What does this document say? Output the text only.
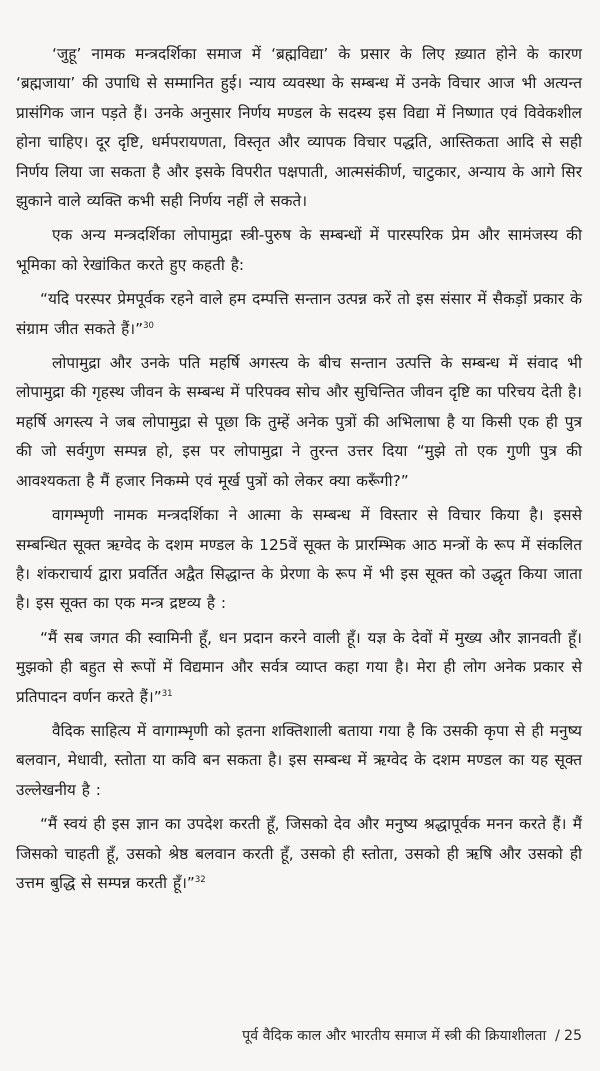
‘जुहू’ नामक मन्त्रदर्शिका समाज में ‘ब्रह्मविद्या’ के प्रसार के लिए ख़्यात होने के कारण ‘ब्रह्मजाया’ की उपाधि से सम्मानित हुई। न्याय व्यवस्था के सम्बन्ध में उनके विचार आज भी अत्यन्त प्रासंगिक जान पड़ते हैं। उनके अनुसार निर्णय मण्डल के सदस्य इस विद्या में निष्णात एवं विवेकशील होना चाहिए। दूर दृष्टि, धर्मपरायणता, विस्तृत और व्यापक विचार पद्धति, आस्तिकता आदि से सही निर्णय लिया जा सकता है और इसके विपरीत पक्षपाती, आत्मसंकीर्ण, चाटुकार, अन्याय के आगे सिर झुकाने वाले व्यक्ति कभी सही निर्णय नहीं ले सकते।

एक अन्य मन्त्रदर्शिका लोपामुद्रा स्त्री-पुरुष के सम्बन्धों में पारस्परिक प्रेम और सामंजस्य की भूमिका को रेखांकित करते हुए कहती है:

“यदि परस्पर प्रेमपूर्वक रहने वाले हम दम्पत्ति सन्तान उत्पन्न करें तो इस संसार में सैकड़ों प्रकार के संग्राम जीत सकते हैं।”$^{30}$

लोपामुद्रा और उनके पति महर्षि अगस्त्य के बीच सन्तान उत्पत्ति के सम्बन्ध में संवाद भी लोपामुद्रा की गृहस्थ जीवन के सम्बन्ध में परिपक्व सोच और सुचिन्तित जीवन दृष्टि का परिचय देती है। महर्षि अगस्त्य ने जब लोपामुद्रा से पूछा कि तुम्हें अनेक पुत्रों की अभिलाषा है या किसी एक ही पुत्र की जो सर्वगुण सम्पन्न हो, इस पर लोपामुद्रा ने तुरन्त उत्तर दिया “मुझे तो एक गुणी पुत्र की आवश्यकता है मैं हजार निकम्मे एवं मूर्ख पुत्रों को लेकर क्या करूँगी?”

वागम्भृणी नामक मन्त्रदर्शिका ने आत्मा के सम्बन्ध में विस्तार से विचार किया है। इससे सम्बन्धित सूक्त ऋग्वेद के दशम मण्डल के 125वें सूक्त के प्रारम्भिक आठ मन्त्रों के रूप में संकलित है। शंकराचार्य द्वारा प्रवर्तित अद्वैत सिद्धान्त के प्रेरणा के रूप में भी इस सूक्त को उद्धृत किया जाता है। इस सूक्त का एक मन्त्र द्रष्टव्य है :

“मैं सब जगत की स्वामिनी हूँ, धन प्रदान करने वाली हूँ। यज्ञ के देवों में मुख्य और ज्ञानवती हूँ। मुझको ही बहुत से रूपों में विद्यमान और सर्वत्र व्याप्त कहा गया है। मेरा ही लोग अनेक प्रकार से प्रतिपादन वर्णन करते हैं।”$^{31}$

वैदिक साहित्य में वागाम्भृणी को इतना शक्तिशाली बताया गया है कि उसकी कृपा से ही मनुष्य बलवान, मेधावी, स्तोता या कवि बन सकता है। इस सम्बन्ध में ऋग्वेद के दशम मण्डल का यह सूक्त उल्लेखनीय है :

“मैं स्वयं ही इस ज्ञान का उपदेश करती हूँ, जिसको देव और मनुष्य श्रद्धापूर्वक मनन करते हैं। मैं जिसको चाहती हूँ, उसको श्रेष्ठ बलवान करती हूँ, उसको ही स्तोता, उसको ही ऋषि और उसको ही उत्तम बुद्धि से सम्पन्न करती हूँ।”$^{32}$

पूर्व वैदिक काल और भारतीय समाज में स्त्री की क्रियाशीलता / 25
